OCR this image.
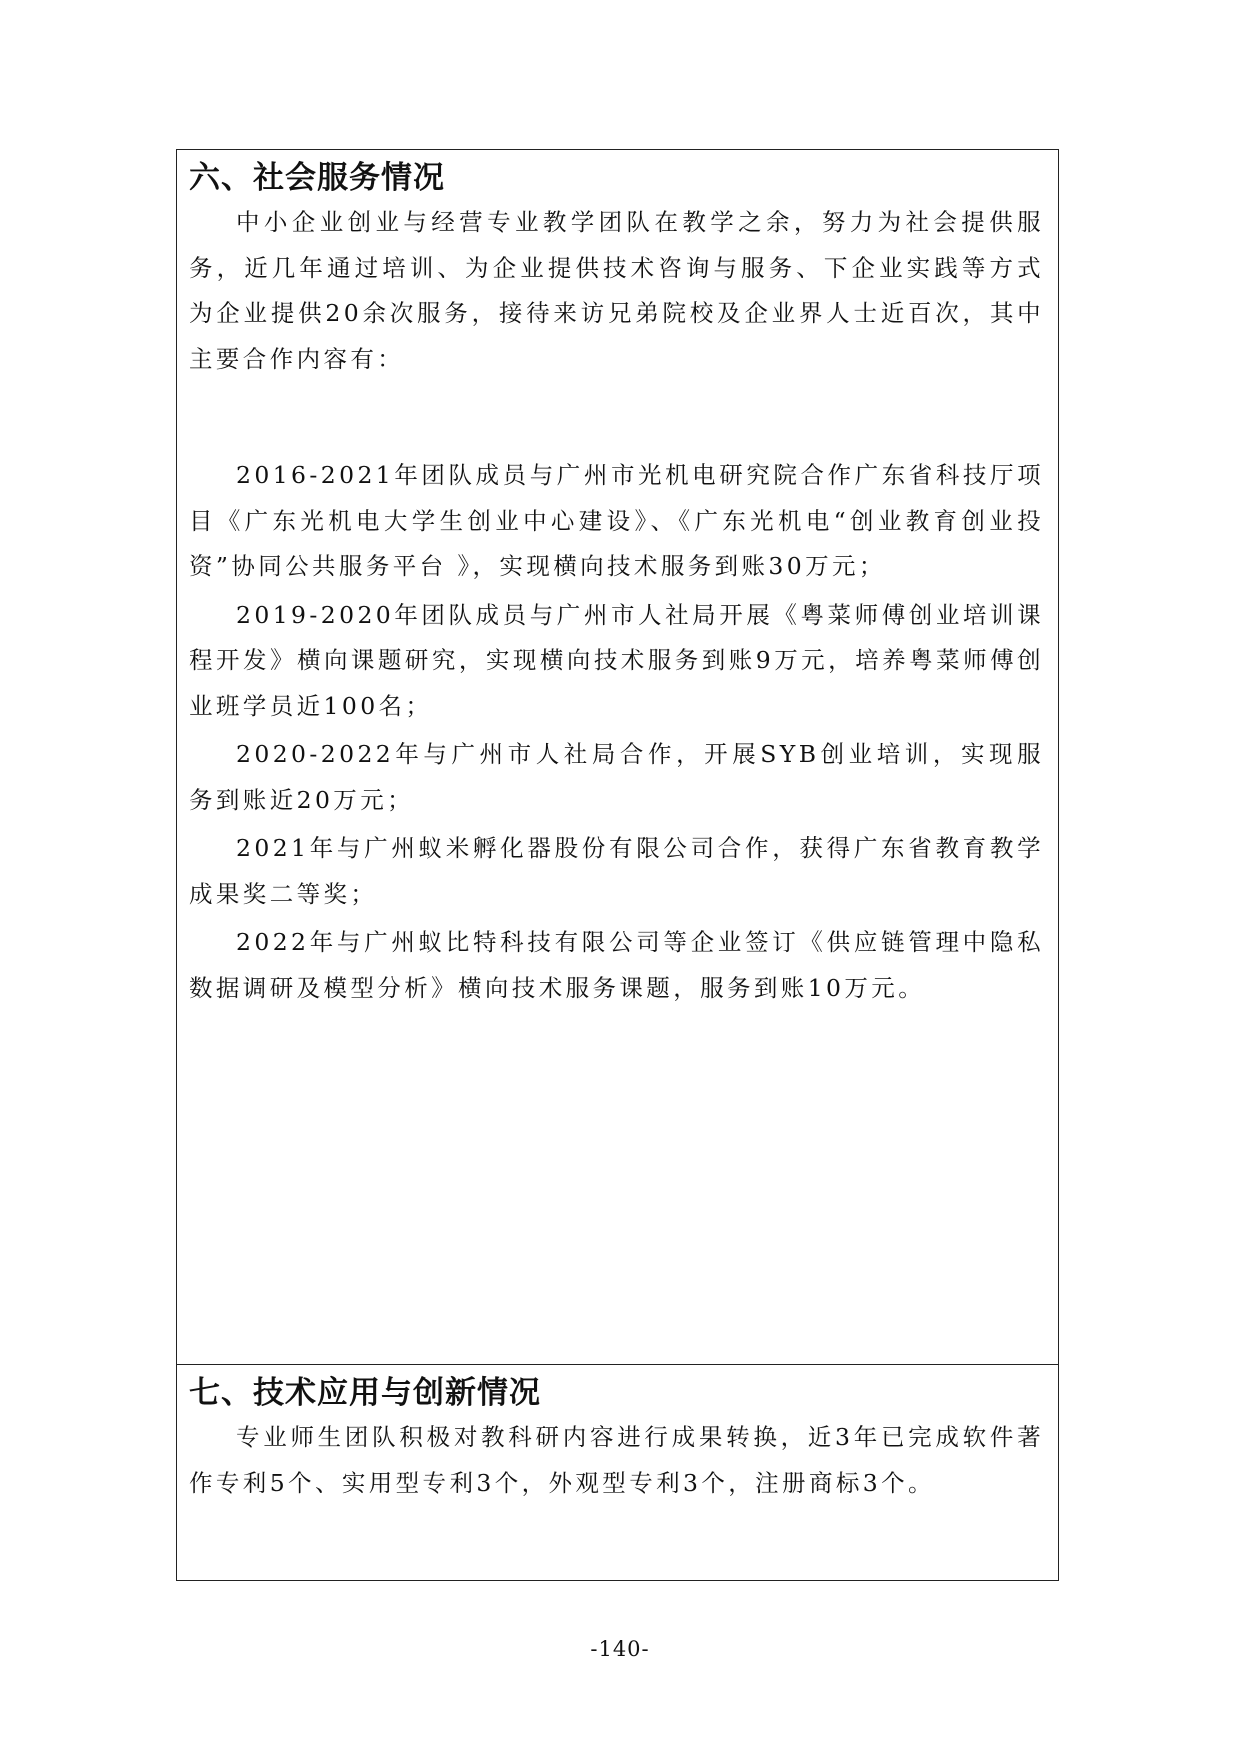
六、社会服务情况

中小企业创业与经营专业教学团队在教学之余，努力为社会提供服务，近几年通过培训、为企业提供技术咨询与服务、下企业实践等方式为企业提供20余次服务，接待来访兄弟院校及企业界人士近百次，其中主要合作内容有：

2016-2021年团队成员与广州市光机电研究院合作广东省科技厅项目《广东光机电大学生创业中心建设》、《广东光机电“创业教育创业投资”协同公共服务平台 》，实现横向技术服务到账30万元；

2019-2020年团队成员与广州市人社局开展《粤菜师傅创业培训课程开发》横向课题研究，实现横向技术服务到账9万元，培养粤菜师傅创业班学员近100名；

2020-2022年与广州市人社局合作，开展SYB创业培训，实现服务到账近20万元；

2021年与广州蚁米孵化器股份有限公司合作，获得广东省教育教学成果奖二等奖；

2022年与广州蚁比特科技有限公司等企业签订《供应链管理中隐私数据调研及模型分析》横向技术服务课题，服务到账10万元。

七、技术应用与创新情况

专业师生团队积极对教科研内容进行成果转换，近3年已完成软件著作专利5个、实用型专利3个，外观型专利3个，注册商标3个。

-140-
